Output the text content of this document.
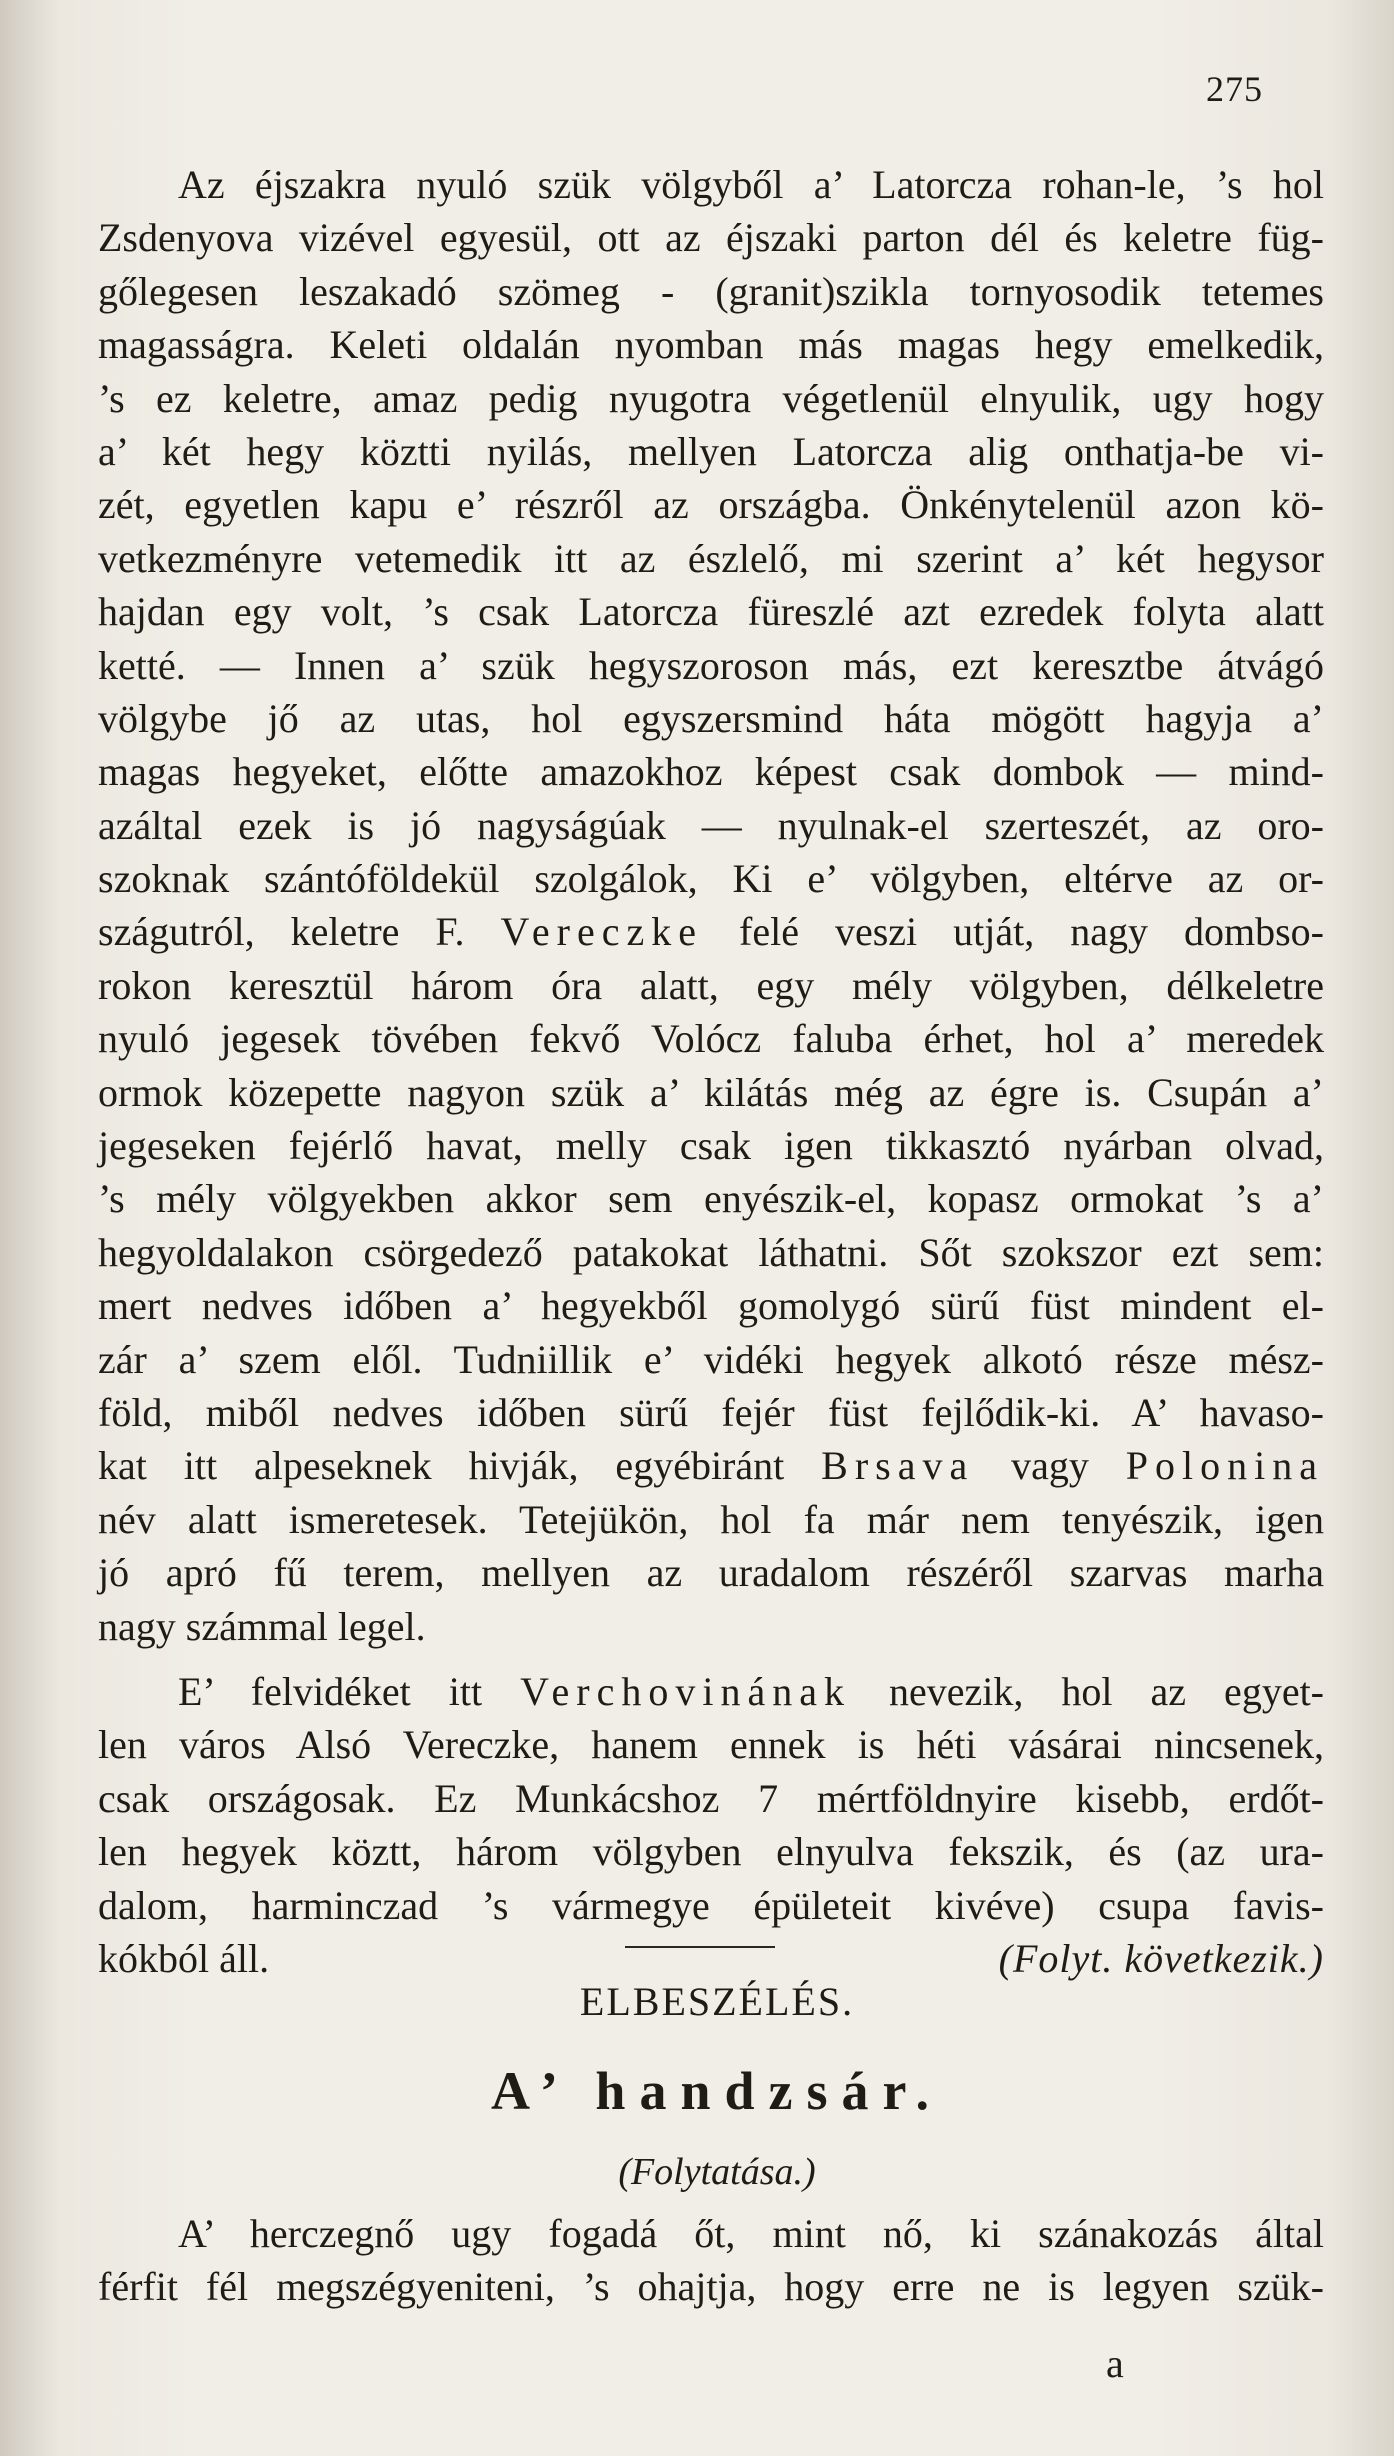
275
Az éjszakra nyuló szük völgyből a’ Latorcza rohan-le, ’s hol
Zsdenyova vizével egyesül, ott az éjszaki parton dél és keletre füg-
gőlegesen leszakadó szömeg - (granit)szikla tornyosodik tetemes
magasságra. Keleti oldalán nyomban más magas hegy emelkedik,
’s ez keletre, amaz pedig nyugotra végetlenül elnyulik, ugy hogy
a’ két hegy köztti nyilás, mellyen Latorcza alig onthatja-be vi-
zét, egyetlen kapu e’ részről az országba. Önkénytelenül azon kö-
vetkezményre vetemedik itt az észlelő, mi szerint a’ két hegysor
hajdan egy volt, ’s csak Latorcza füreszlé azt ezredek folyta alatt
ketté. — Innen a’ szük hegyszoroson más, ezt keresztbe átvágó
völgybe jő az utas, hol egyszersmind háta mögött hagyja a’
magas hegyeket, előtte amazokhoz képest csak dombok — mind-
azáltal ezek is jó nagyságúak — nyulnak-el szerteszét, az oro-
szoknak szántóföldekül szolgálok, Ki e’ völgyben, eltérve az or-
szágutról, keletre F. Vereczke felé veszi utját, nagy dombso-
rokon keresztül három óra alatt, egy mély völgyben, délkeletre
nyuló jegesek tövében fekvő Volócz faluba érhet, hol a’ meredek
ormok közepette nagyon szük a’ kilátás még az égre is. Csupán a’
jegeseken fejérlő havat, melly csak igen tikkasztó nyárban olvad,
’s mély völgyekben akkor sem enyészik-el, kopasz ormokat ’s a’
hegyoldalakon csörgedező patakokat láthatni. Sőt szokszor ezt sem:
mert nedves időben a’ hegyekből gomolygó sürű füst mindent el-
zár a’ szem elől. Tudniillik e’ vidéki hegyek alkotó része mész-
föld, miből nedves időben sürű fejér füst fejlődik-ki. A’ havaso-
kat itt alpeseknek hivják, egyébiránt Brsava vagy Polonina
név alatt ismeretesek. Tetejükön, hol fa már nem tenyészik, igen
jó apró fű terem, mellyen az uradalom részéről szarvas marha
nagy számmal legel.
E’ felvidéket itt Verchovinának nevezik, hol az egyet-
len város Alsó Vereczke, hanem ennek is héti vásárai nincsenek,
csak országosak. Ez Munkácshoz 7 mértföldnyire kisebb, erdőt-
len hegyek köztt, három völgyben elnyulva fekszik, és (az ura-
dalom, harminczad ’s vármegye épületeit kivéve) csupa favis-
kókból áll.	(Folyt. következik.)
ELBESZÉLÉS.
A’ handzsár.
(Folytatása.)
A’ herczegnő ugy fogadá őt, mint nő, ki szánakozás által
férfit fél megszégyeniteni, ’s ohajtja, hogy erre ne is legyen szük-
a
